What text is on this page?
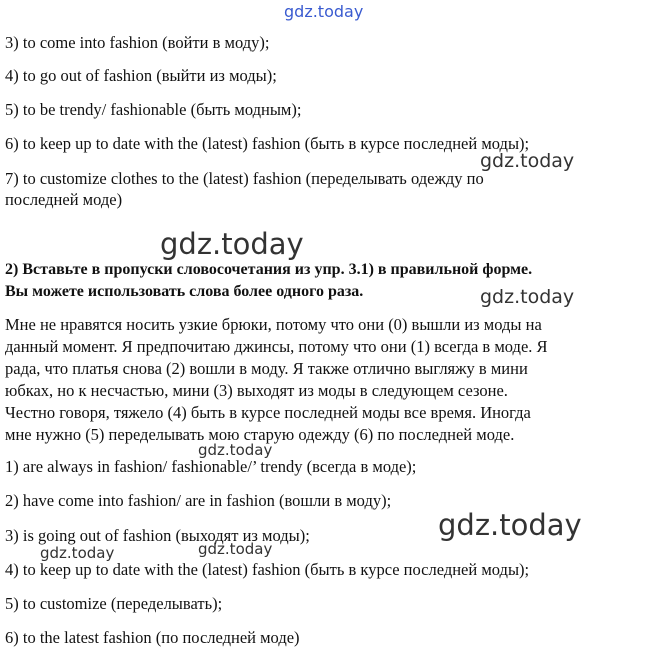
gdz.today
3) to come into fashion (войти в моду);
4) to go out of fashion (выйти из моды);
5) to be trendy/ fashionable (быть модным);
6) to keep up to date with the (latest) fashion (быть в курсе последней моды);
gdz.today
7) to customize clothes to the (latest) fashion (переделывать одежду по
последней моде)
gdz.today
2) Вставьте в пропуски словосочетания из упр. 3.1) в правильной форме.
Вы можете использовать слова более одного раза.	gdz.today
Мне не нравятся носить узкие брюки, потому что они (0) вышли из моды на
данный момент. Я предпочитаю джинсы, потому что они (1) всегда в моде. Я
рада, что платья снова (2) вошли в моду. Я также отлично выгляжу в мини
юбках, но к несчастью, мини (3) выходят из моды в следующем сезоне.
Честно говоря, тяжело (4) быть в курсе последней моды все время. Иногда
мне нужно (5) переделывать мою старую одежду (6) по последней моде.
gdz.today
1) are always in fashion/ fashionable/’ trendy (всегда в моде);
2) have come into fashion/ are in fashion (вошли в моду);
gdz.today
3) is going out of fashion (выходят из моды);
gdz.today	gdz.today
4) to keep up to date with the (latest) fashion (быть в курсе последней моды);
5) to customize (переделывать);
6) to the latest fashion (по последней моде)
